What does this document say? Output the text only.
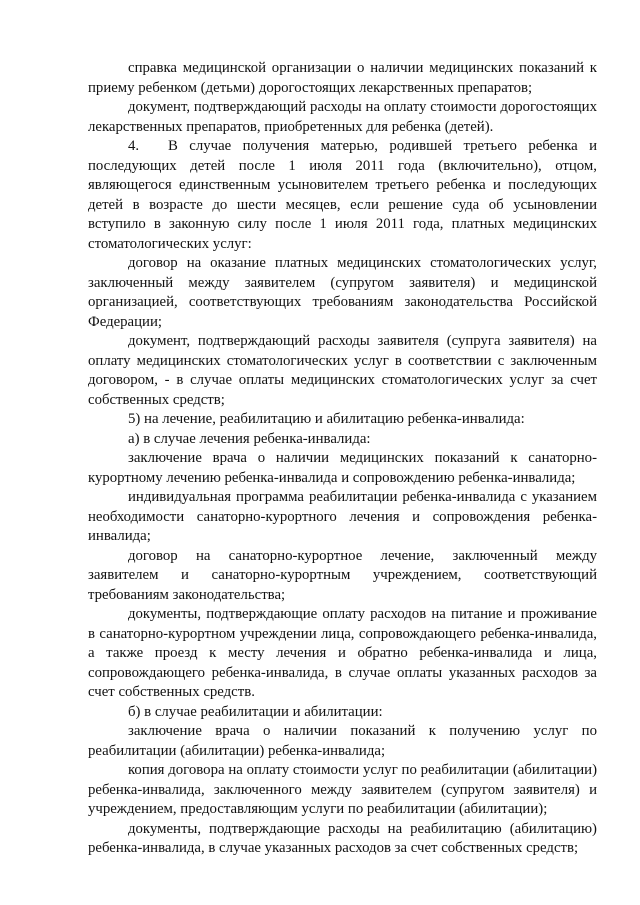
справка медицинской организации о наличии медицинских показаний к приему ребенком (детьми) дорогостоящих лекарственных препаратов;

документ, подтверждающий расходы на оплату стоимости дорогостоящих лекарственных препаратов, приобретенных для ребенка (детей).

4. В случае получения матерью, родившей третьего ребенка и последующих детей после 1 июля 2011 года (включительно), отцом, являющегося единственным усыновителем третьего ребенка и последующих детей в возрасте до шести месяцев, если решение суда об усыновлении вступило в законную силу после 1 июля 2011 года, платных медицинских стоматологических услуг:

договор на оказание платных медицинских стоматологических услуг, заключенный между заявителем (супругом заявителя) и медицинской организацией, соответствующих требованиям законодательства Российской Федерации;

документ, подтверждающий расходы заявителя (супруга заявителя) на оплату медицинских стоматологических услуг в соответствии с заключенным договором, - в случае оплаты медицинских стоматологических услуг за счет собственных средств;

5) на лечение, реабилитацию и абилитацию ребенка-инвалида:

а) в случае лечения ребенка-инвалида:

заключение врача о наличии медицинских показаний к санаторно-курортному лечению ребенка-инвалида и сопровождению ребенка-инвалида;

индивидуальная программа реабилитации ребенка-инвалида с указанием необходимости санаторно-курортного лечения и сопровождения ребенка-инвалида;

договор на санаторно-курортное лечение, заключенный между заявителем и санаторно-курортным учреждением, соответствующий требованиям законодательства;

документы, подтверждающие оплату расходов на питание и проживание в санаторно-курортном учреждении лица, сопровождающего ребенка-инвалида, а также проезд к месту лечения и обратно ребенка-инвалида и лица, сопровождающего ребенка-инвалида, в случае оплаты указанных расходов за счет собственных средств.

б) в случае реабилитации и абилитации:

заключение врача о наличии показаний к получению услуг по реабилитации (абилитации) ребенка-инвалида;

копия договора на оплату стоимости услуг по реабилитации (абилитации) ребенка-инвалида, заключенного между заявителем (супругом заявителя) и учреждением, предоставляющим услуги по реабилитации (абилитации);

документы, подтверждающие расходы на реабилитацию (абилитацию) ребенка-инвалида, в случае указанных расходов за счет собственных средств;
